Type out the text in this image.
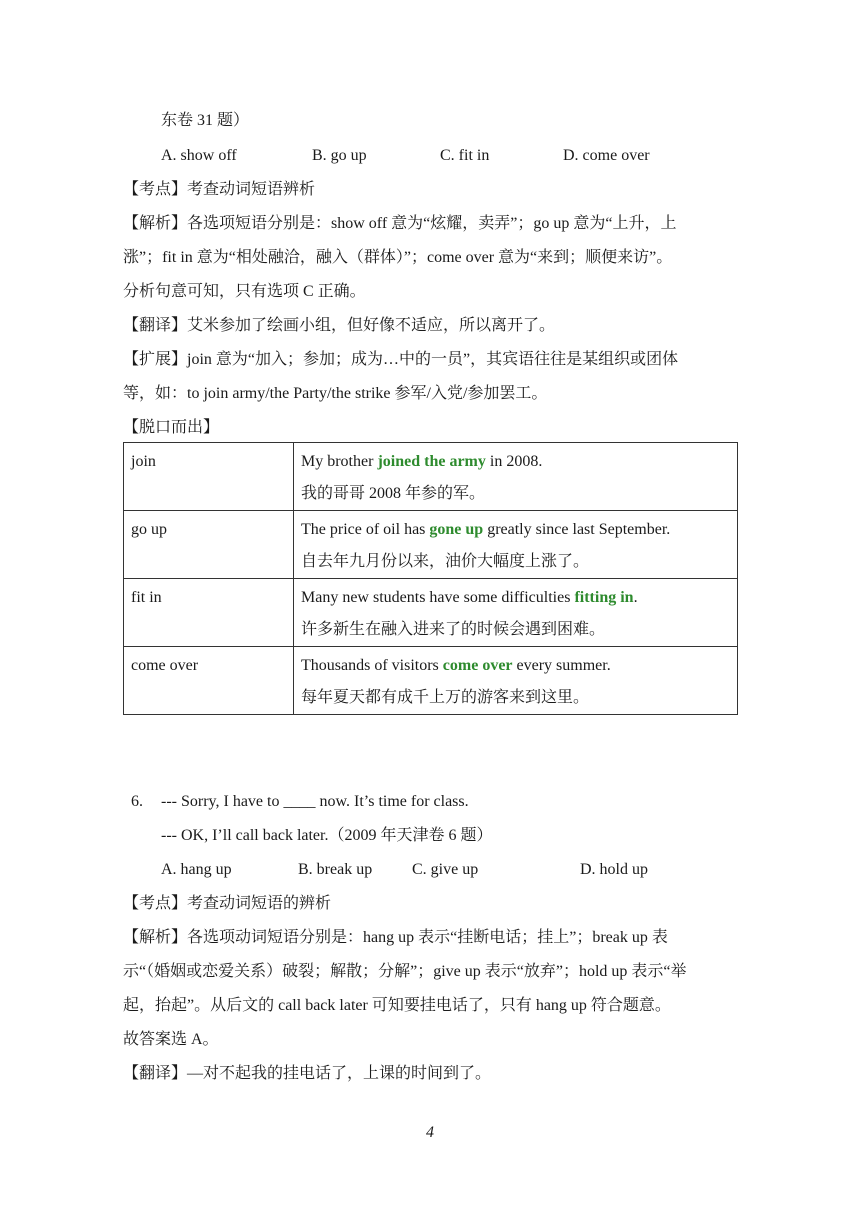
东卷 31 题）
A. show off	B. go up	C. fit in	D. come over
【考点】考查动词短语辨析
【解析】各选项短语分别是：show off 意为“炫耀，卖弄”；go up 意为“上升，上
涨”；fit in 意为“相处融洽，融入（群体）”；come over 意为“来到；顺便来访”。
分析句意可知，只有选项 C 正确。
【翻译】艾米参加了绘画小组，但好像不适应，所以离开了。
【扩展】join 意为“加入；参加；成为…中的一员”，其宾语往往是某组织或团体
等，如：to join army/the Party/the strike 参军/入党/参加罢工。
【脱口而出】
join	My brother joined the army in 2008.
我的哥哥 2008 年参的军。

go up	The price of oil has gone up greatly since last September.
自去年九月份以来，油价大幅度上涨了。

fit in	Many new students have some difficulties fitting in.
许多新生在融入进来了的时候会遇到困难。

come over	Thousands of visitors come over every summer.
每年夏天都有成千上万的游客来到这里。
6. --- Sorry, I have to ____ now. It’s time for class.
--- OK, I’ll call back later.（2009 年天津卷 6 题）
A. hang up	B. break up C. give up	D. hold up
【考点】考查动词短语的辨析
【解析】各选项动词短语分别是：hang up 表示“挂断电话；挂上”；break up 表
示“（婚姻或恋爱关系）破裂；解散；分解”；give up 表示“放弃”；hold up 表示“举
起，抬起”。从后文的 call back later 可知要挂电话了，只有 hang up 符合题意。
故答案选 A。
【翻译】—对不起我的挂电话了，上课的时间到了。
4
